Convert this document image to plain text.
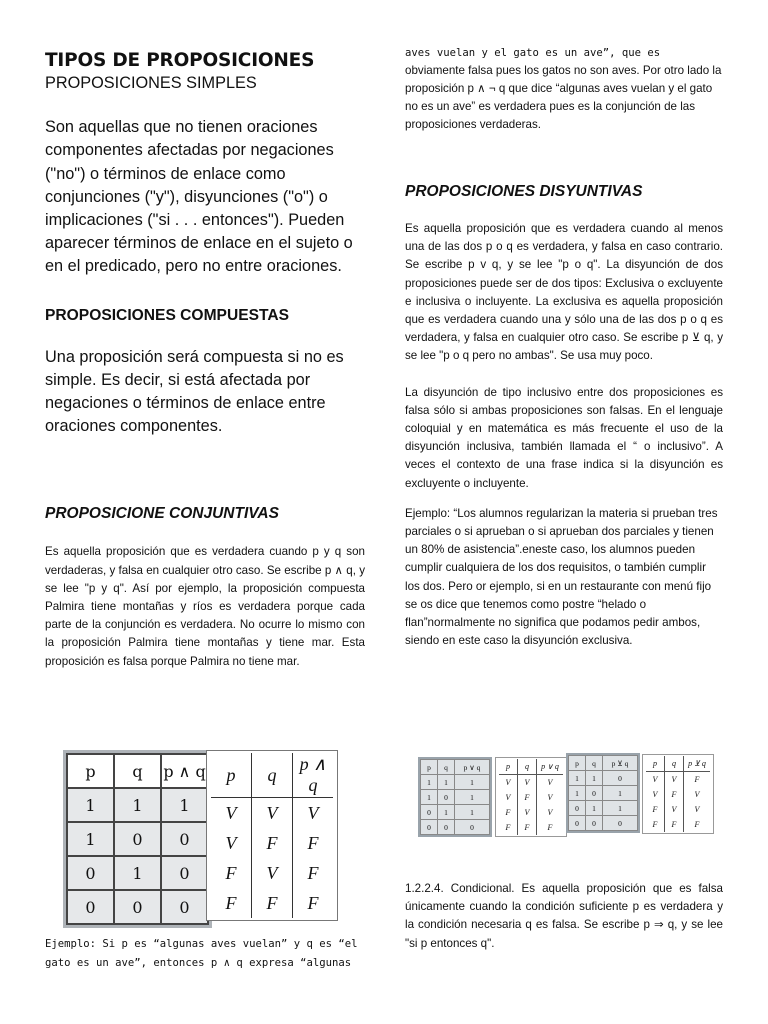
TIPOS DE PROPOSICIONES

PROPOSICIONES SIMPLES

Son aquellas que no tienen oraciones componentes afectadas por negaciones ("no") o términos de enlace como conjunciones ("y"), disyunciones ("o") o implicaciones ("si . . . entonces"). Pueden aparecer términos de enlace en el sujeto o en el predicado, pero no entre oraciones.

PROPOSICIONES COMPUESTAS

Una proposición será compuesta si no es simple. Es decir, si está afectada por negaciones o términos de enlace entre oraciones componentes.

PROPOSICIONE CONJUNTIVAS

Es aquella proposición que es verdadera cuando p y q son verdaderas, y falsa en cualquier otro caso. Se escribe p ∧ q, y se lee "p y q". Así por ejemplo, la proposición compuesta Palmira tiene montañas y ríos es verdadera porque cada parte de la conjunción es verdadera. No ocurre lo mismo con la proposición Palmira tiene montañas y tiene mar. Esta proposición es falsa porque Palmira no tiene mar.

p	q	p ∧ q
1	1	1
1	0	0
0	1	0
0	0	0
p	q	p ∧ q
V	V	V
V	F	F
F	V	F
F	F	F

Ejemplo: Si p es “algunas aves vuelan” y q es “el

gato es un ave”, entonces p ∧ q expresa “algunas

aves vuelan y el gato es un ave”, que es

obviamente falsa pues los gatos no son aves. Por otro lado la proposición p ∧ ¬ q que dice “algunas aves vuelan y el gato no es un ave” es verdadera pues es la conjunción de las proposiciones verdaderas.

PROPOSICIONES DISYUNTIVAS

Es aquella proposición que es verdadera cuando al menos una de las dos p o q es verdadera, y falsa en caso contrario. Se escribe p v q, y se lee "p o q". La disyunción de dos proposiciones puede ser de dos tipos: Exclusiva o excluyente e inclusiva o incluyente. La exclusiva es aquella proposición que es verdadera cuando una y sólo una de las dos p o q es verdadera, y falsa en cualquier otro caso. Se escribe p ⊻ q, y se lee "p o q pero no ambas". Se usa muy poco.

La disyunción de tipo inclusivo entre dos proposiciones es falsa sólo si ambas proposiciones son falsas. En el lenguaje coloquial y en matemática es más frecuente el uso de la disyunción inclusiva, también llamada el “ o inclusivo”. A veces el contexto de una frase indica si la disyunción es excluyente o incluyente.

Ejemplo: “Los alumnos regularizan la materia si prueban tres parciales o si aprueban o si aprueban dos parciales y tienen un 80% de asistencia”.eneste caso, los alumnos pueden cumplir cualquiera de los dos requisitos, o también cumplir los dos. Pero or ejemplo, si en un restaurante con menú fijo se os dice que tenemos como postre “helado o flan”normalmente no significa que podamos pedir ambos, siendo en este caso la disyunción exclusiva.

p	q	p ∨ q
1	1	1
1	0	1
0	1	1
0	0	0
p	q	p ∨ q
V	V	V
V	F	V
F	V	V
F	F	F
p	q	p ⊻ q
1	1	0
1	0	1
0	1	1
0	0	0
p	q	p ⊻ q
V	V	F
V	F	V
F	V	V
F	F	F

1.2.2.4. Condicional. Es aquella proposición que es falsa únicamente cuando la condición suficiente p es verdadera y la condición necesaria q es falsa. Se escribe p ⇒ q, y se lee "si p entonces q".
